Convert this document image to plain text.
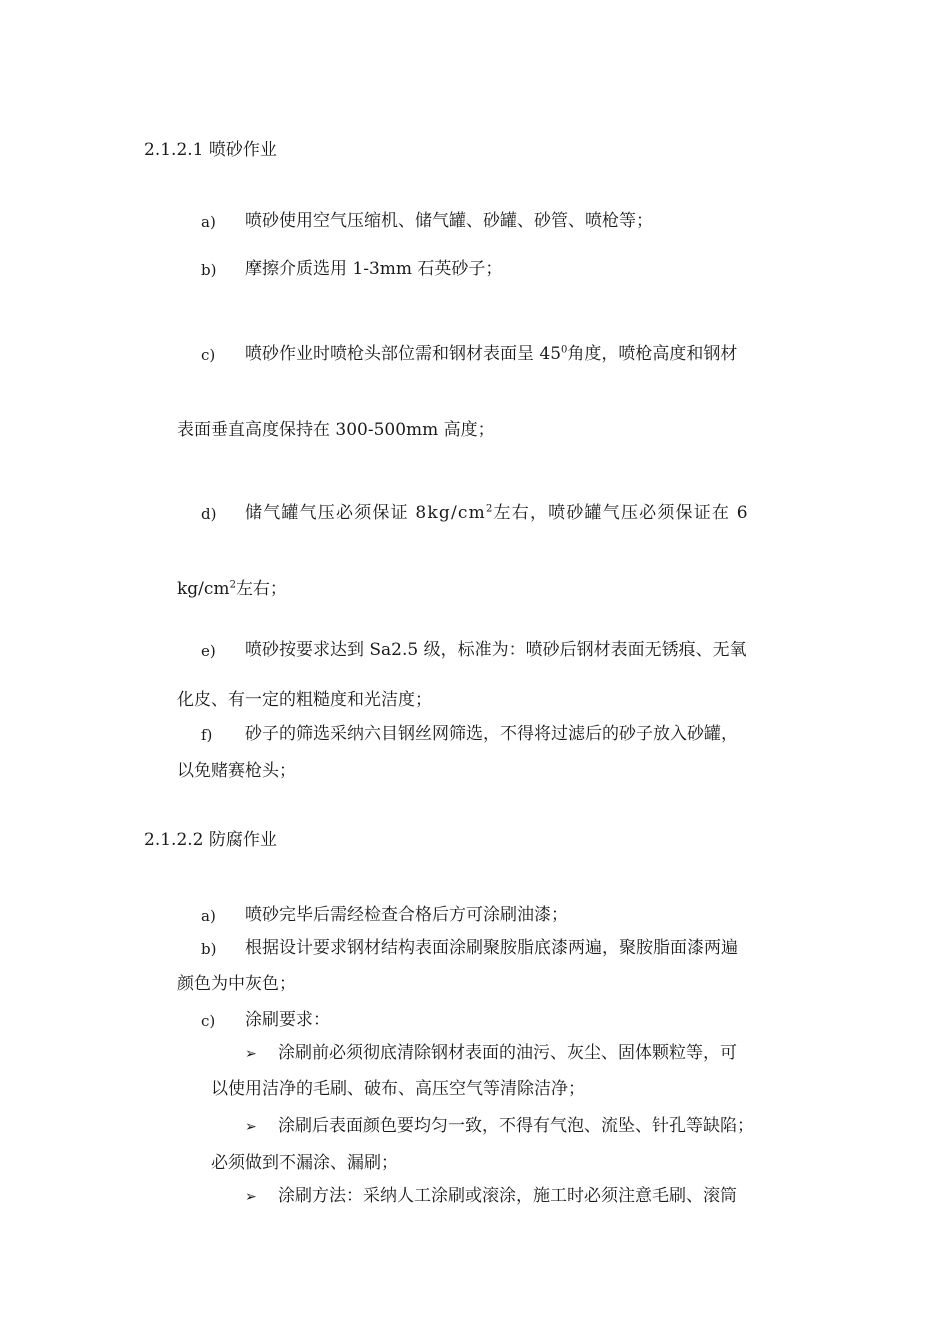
2.1.2.1 喷砂作业

a) 喷砂使用空气压缩机、储气罐、砂罐、砂管、喷枪等；

b) 摩擦介质选用 1-3mm 石英砂子；

c) 喷砂作业时喷枪头部位需和钢材表面呈 $45^0$角度，喷枪高度和钢材

表面垂直高度保持在 300-500mm 高度；

d) 储气罐气压必须保证 $8kg/cm^2$左右，喷砂罐气压必须保证在 6

$kg/cm^2$左右；

e) 喷砂按要求达到 Sa2.5 级，标准为：喷砂后钢材表面无锈痕、无氧

化皮、有一定的粗糙度和光洁度；

f) 砂子的筛选采纳六目钢丝网筛选，不得将过滤后的砂子放入砂罐，

以免赌赛枪头；

2.1.2.2 防腐作业

a) 喷砂完毕后需经检查合格后方可涂刷油漆；

b) 根据设计要求钢材结构表面涂刷聚胺脂底漆两遍，聚胺脂面漆两遍

颜色为中灰色；

c) 涂刷要求：

➢ 涂刷前必须彻底清除钢材表面的油污、灰尘、固体颗粒等，可

以使用洁净的毛刷、破布、高压空气等清除洁净；

➢ 涂刷后表面颜色要均匀一致，不得有气泡、流坠、针孔等缺陷；

必须做到不漏涂、漏刷；

➢ 涂刷方法：采纳人工涂刷或滚涂，施工时必须注意毛刷、滚筒
